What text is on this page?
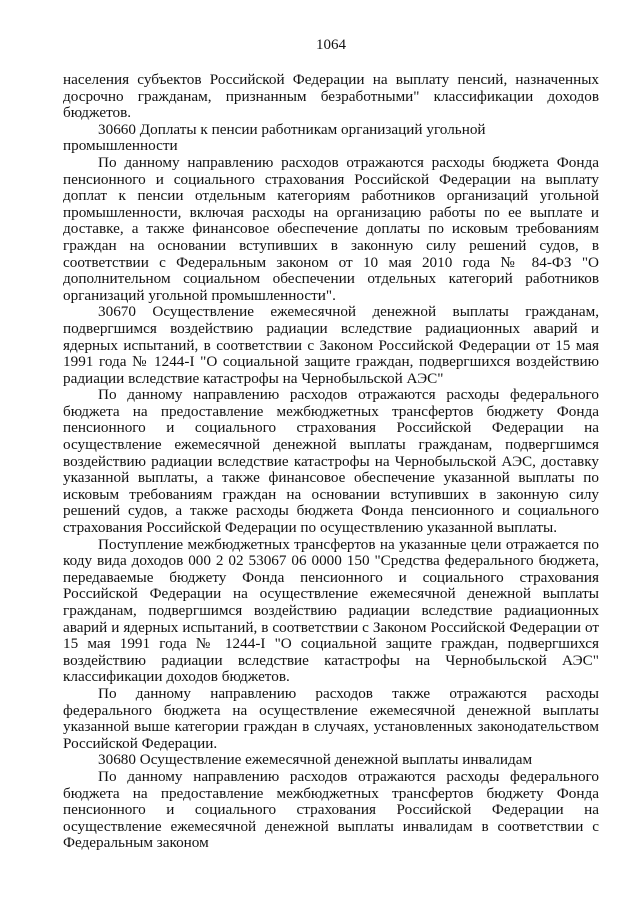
1064

населения субъектов Российской Федерации на выплату пенсий, назначенных досрочно гражданам, признанным безработными" классификации доходов бюджетов.

30660 Доплаты к пенсии работникам организаций угольной промышленности

По данному направлению расходов отражаются расходы бюджета Фонда пенсионного и социального страхования Российской Федерации на выплату доплат к пенсии отдельным категориям работников организаций угольной промышленности, включая расходы на организацию работы по ее выплате и доставке, а также финансовое обеспечение доплаты по исковым требованиям граждан на основании вступивших в законную силу решений судов, в соответствии с Федеральным законом от 10 мая 2010 года № 84-ФЗ "О дополнительном социальном обеспечении отдельных категорий работников организаций угольной промышленности".

30670 Осуществление ежемесячной денежной выплаты гражданам, подвергшимся воздействию радиации вследствие радиационных аварий и ядерных испытаний, в соответствии с Законом Российской Федерации от 15 мая 1991 года № 1244-I "О социальной защите граждан, подвергшихся воздействию радиации вследствие катастрофы на Чернобыльской АЭС"

По данному направлению расходов отражаются расходы федерального бюджета на предоставление межбюджетных трансфертов бюджету Фонда пенсионного и социального страхования Российской Федерации на осуществление ежемесячной денежной выплаты гражданам, подвергшимся воздействию радиации вследствие катастрофы на Чернобыльской АЭС, доставку указанной выплаты, а также финансовое обеспечение указанной выплаты по исковым требованиям граждан на основании вступивших в законную силу решений судов, а также расходы бюджета Фонда пенсионного и социального страхования Российской Федерации по осуществлению указанной выплаты.

Поступление межбюджетных трансфертов на указанные цели отражается по коду вида доходов 000 2 02 53067 06 0000 150 "Средства федерального бюджета, передаваемые бюджету Фонда пенсионного и социального страхования Российской Федерации на осуществление ежемесячной денежной выплаты гражданам, подвергшимся воздействию радиации вследствие радиационных аварий и ядерных испытаний, в соответствии с Законом Российской Федерации от 15 мая 1991 года № 1244-I "О социальной защите граждан, подвергшихся воздействию радиации вследствие катастрофы на Чернобыльской АЭС" классификации доходов бюджетов.

По данному направлению расходов также отражаются расходы федерального бюджета на осуществление ежемесячной денежной выплаты указанной выше категории граждан в случаях, установленных законодательством Российской Федерации.

30680 Осуществление ежемесячной денежной выплаты инвалидам

По данному направлению расходов отражаются расходы федерального бюджета на предоставление межбюджетных трансфертов бюджету Фонда пенсионного и социального страхования Российской Федерации на осуществление ежемесячной денежной выплаты инвалидам в соответствии с Федеральным законом
